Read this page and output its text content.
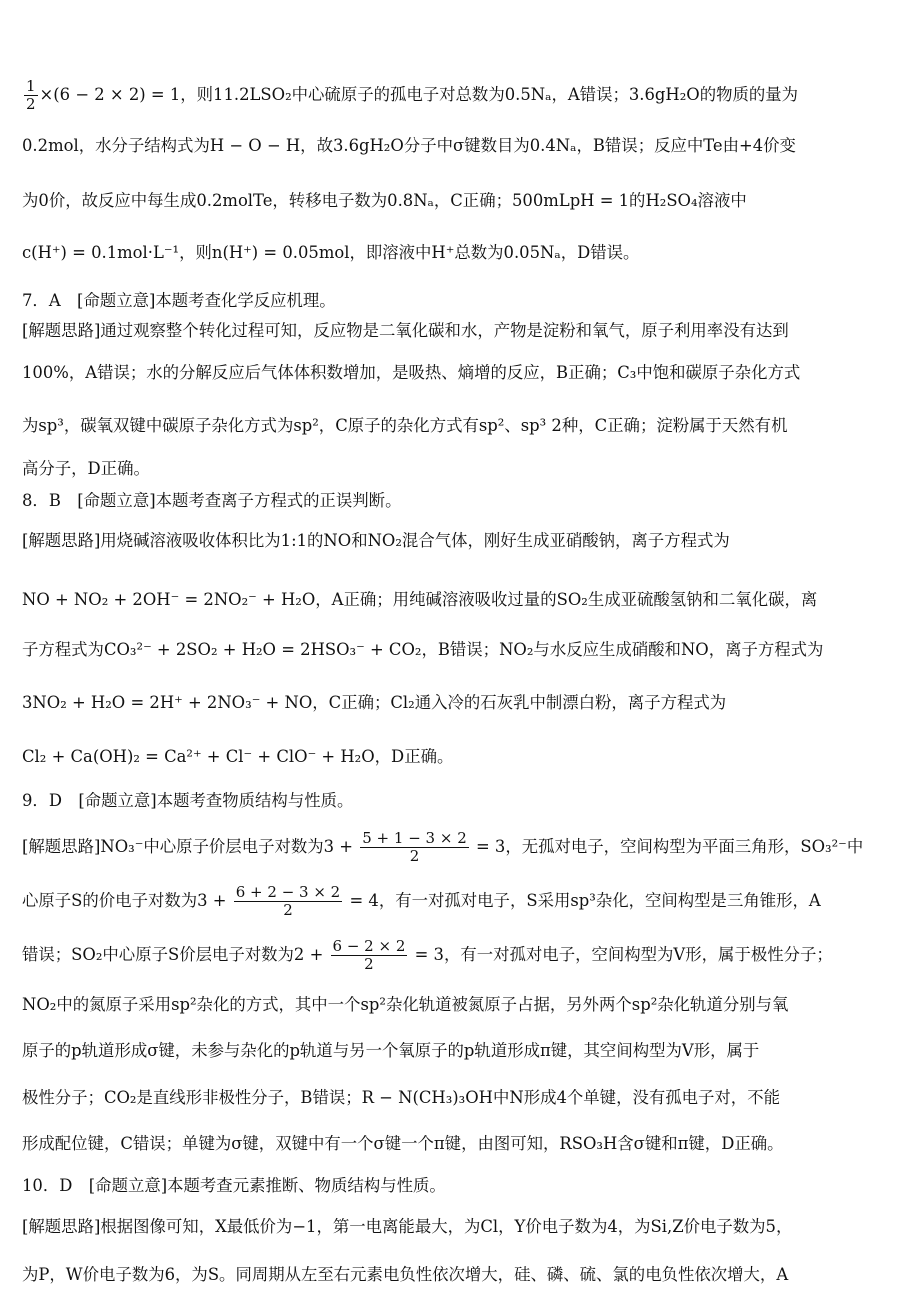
$\frac{1}{2} \times(6 - 2 \times 2) = 1$，则11.2LSO₂中心硫原子的孤电子对总数为0.5Nₐ，A错误；3.6gH₂O的物质的量为
0.2mol，水分子结构式为H − O − H，故3.6gH₂O分子中σ键数目为0.4Nₐ，B错误；反应中Te由+4价变
为0价，故反应中每生成0.2molTe，转移电子数为0.8Nₐ，C正确；500mLpH = 1的H₂SO₄溶液中
c(H⁺) = 0.1mol·L⁻¹，则n(H⁺) = 0.05mol，即溶液中H⁺总数为0.05Nₐ，D错误。
7．A　[命题立意]本题考查化学反应机理。
[解题思路]通过观察整个转化过程可知，反应物是二氧化碳和水，产物是淀粉和氧气，原子利用率没有达到
100%，A错误；水的分解反应后气体体积数增加，是吸热、熵增的反应，B正确；C₃中饱和碳原子杂化方式
为sp³，碳氧双键中碳原子杂化方式为sp²，C原子的杂化方式有sp²、sp³ 2种，C正确；淀粉属于天然有机
高分子，D正确。
8．B　[命题立意]本题考查离子方程式的正误判断。
[解题思路]用烧碱溶液吸收体积比为1:1的NO和NO₂混合气体，刚好生成亚硝酸钠，离子方程式为
NO + NO₂ + 2OH⁻ = 2NO₂⁻ + H₂O，A正确；用纯碱溶液吸收过量的SO₂生成亚硫酸氢钠和二氧化碳，离
子方程式为CO₃²⁻ + 2SO₂ + H₂O = 2HSO₃⁻ + CO₂，B错误；NO₂与水反应生成硝酸和NO，离子方程式为
3NO₂ + H₂O = 2H⁺ + 2NO₃⁻ + NO，C正确；Cl₂通入冷的石灰乳中制漂白粉，离子方程式为
Cl₂ + Ca(OH)₂ = Ca²⁺ + Cl⁻ + ClO⁻ + H₂O，D正确。
9．D　[命题立意]本题考查物质结构与性质。
[解题思路]NO₃⁻中心原子价层电子对数为$3 + \frac{5 + 1 - 3 \times 2}{2} = 3$，无孤对电子，空间构型为平面三角形，SO₃²⁻中
心原子S的价电子对数为$3 + \frac{6 + 2 - 3 \times 2}{2} = 4$，有一对孤对电子，S采用sp³杂化，空间构型是三角锥形，A
错误；SO₂中心原子S价层电子对数为$2 + \frac{6 - 2 \times 2}{2} = 3$，有一对孤对电子，空间构型为V形，属于极性分子；
NO₂中的氮原子采用sp²杂化的方式，其中一个sp²杂化轨道被氮原子占据，另外两个sp²杂化轨道分别与氧
原子的p轨道形成σ键，未参与杂化的p轨道与另一个氧原子的p轨道形成π键，其空间构型为V形，属于
极性分子；CO₂是直线形非极性分子，B错误；R − N(CH₃)₃OH中N形成4个单键，没有孤电子对，不能
形成配位键，C错误；单键为σ键，双键中有一个σ键一个π键，由图可知，RSO₃H含σ键和π键，D正确。
10．D　[命题立意]本题考查元素推断、物质结构与性质。
[解题思路]根据图像可知，X最低价为−1，第一电离能最大，为Cl，Y价电子数为4，为Si,Z价电子数为5，
为P，W价电子数为6，为S。同周期从左至右元素电负性依次增大，硅、磷、硫、氯的电负性依次增大，A
